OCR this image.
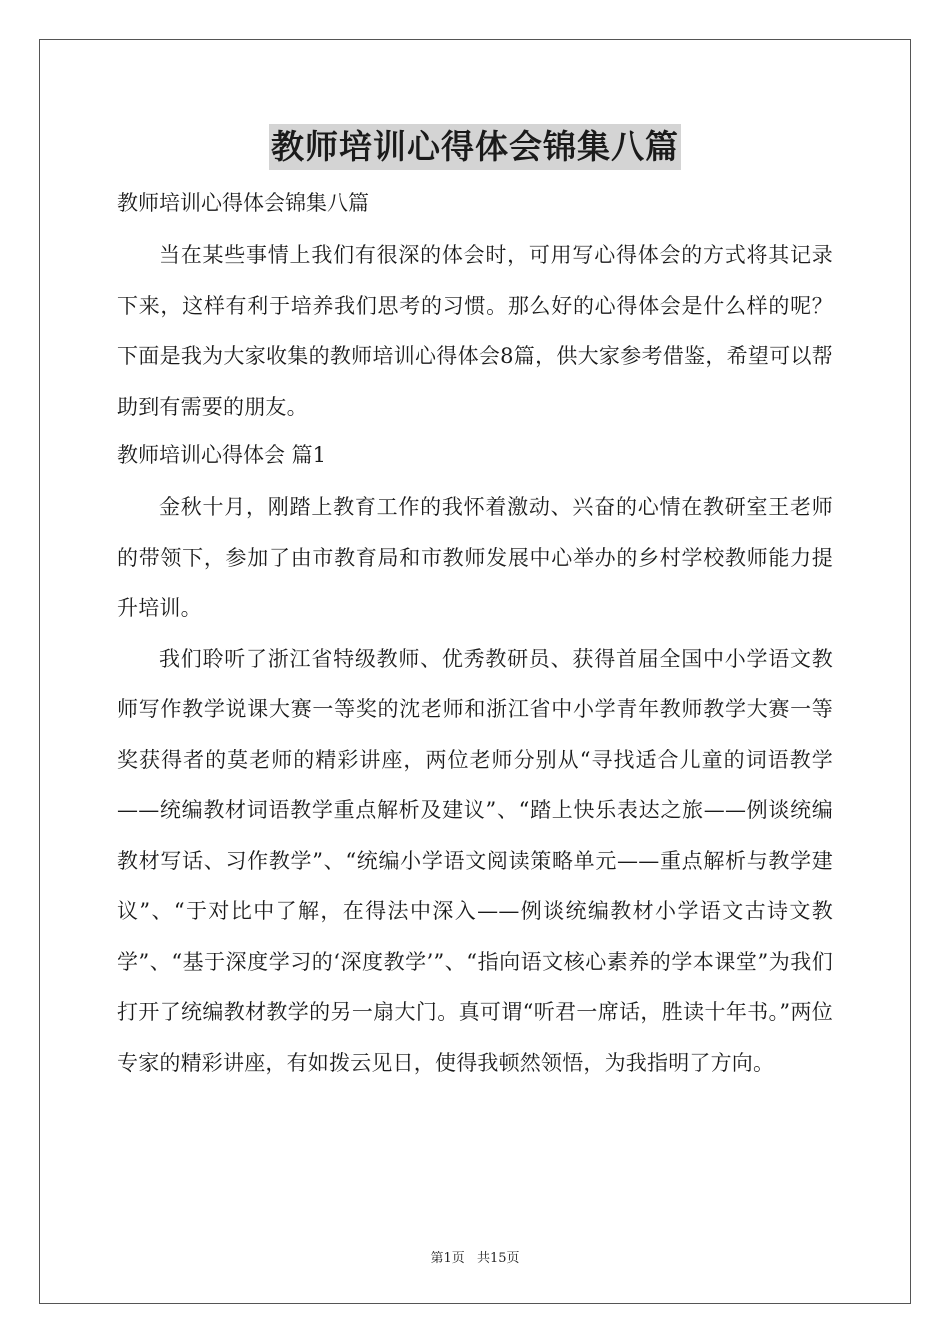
教师培训心得体会锦集八篇
教师培训心得体会锦集八篇

当在某些事情上我们有很深的体会时，可用写心得体会的方式将其记录下来，这样有利于培养我们思考的习惯。那么好的心得体会是什么样的呢？下面是我为大家收集的教师培训心得体会8篇，供大家参考借鉴，希望可以帮助到有需要的朋友。

教师培训心得体会 篇1

金秋十月，刚踏上教育工作的我怀着激动、兴奋的心情在教研室王老师的带领下，参加了由市教育局和市教师发展中心举办的乡村学校教师能力提升培训。

我们聆听了浙江省特级教师、优秀教研员、获得首届全国中小学语文教师写作教学说课大赛一等奖的沈老师和浙江省中小学青年教师教学大赛一等奖获得者的莫老师的精彩讲座，两位老师分别从“寻找适合儿童的词语教学——统编教材词语教学重点解析及建议”、“踏上快乐表达之旅——例谈统编教材写话、习作教学”、“统编小学语文阅读策略单元——重点解析与教学建议”、“于对比中了解，在得法中深入——例谈统编教材小学语文古诗文教学”、“基于深度学习的‘深度教学’”、“指向语文核心素养的学本课堂”为我们打开了统编教材教学的另一扇大门。真可谓“听君一席话，胜读十年书。”两位专家的精彩讲座，有如拨云见日，使得我顿然领悟，为我指明了方向。

第1页 共15页
